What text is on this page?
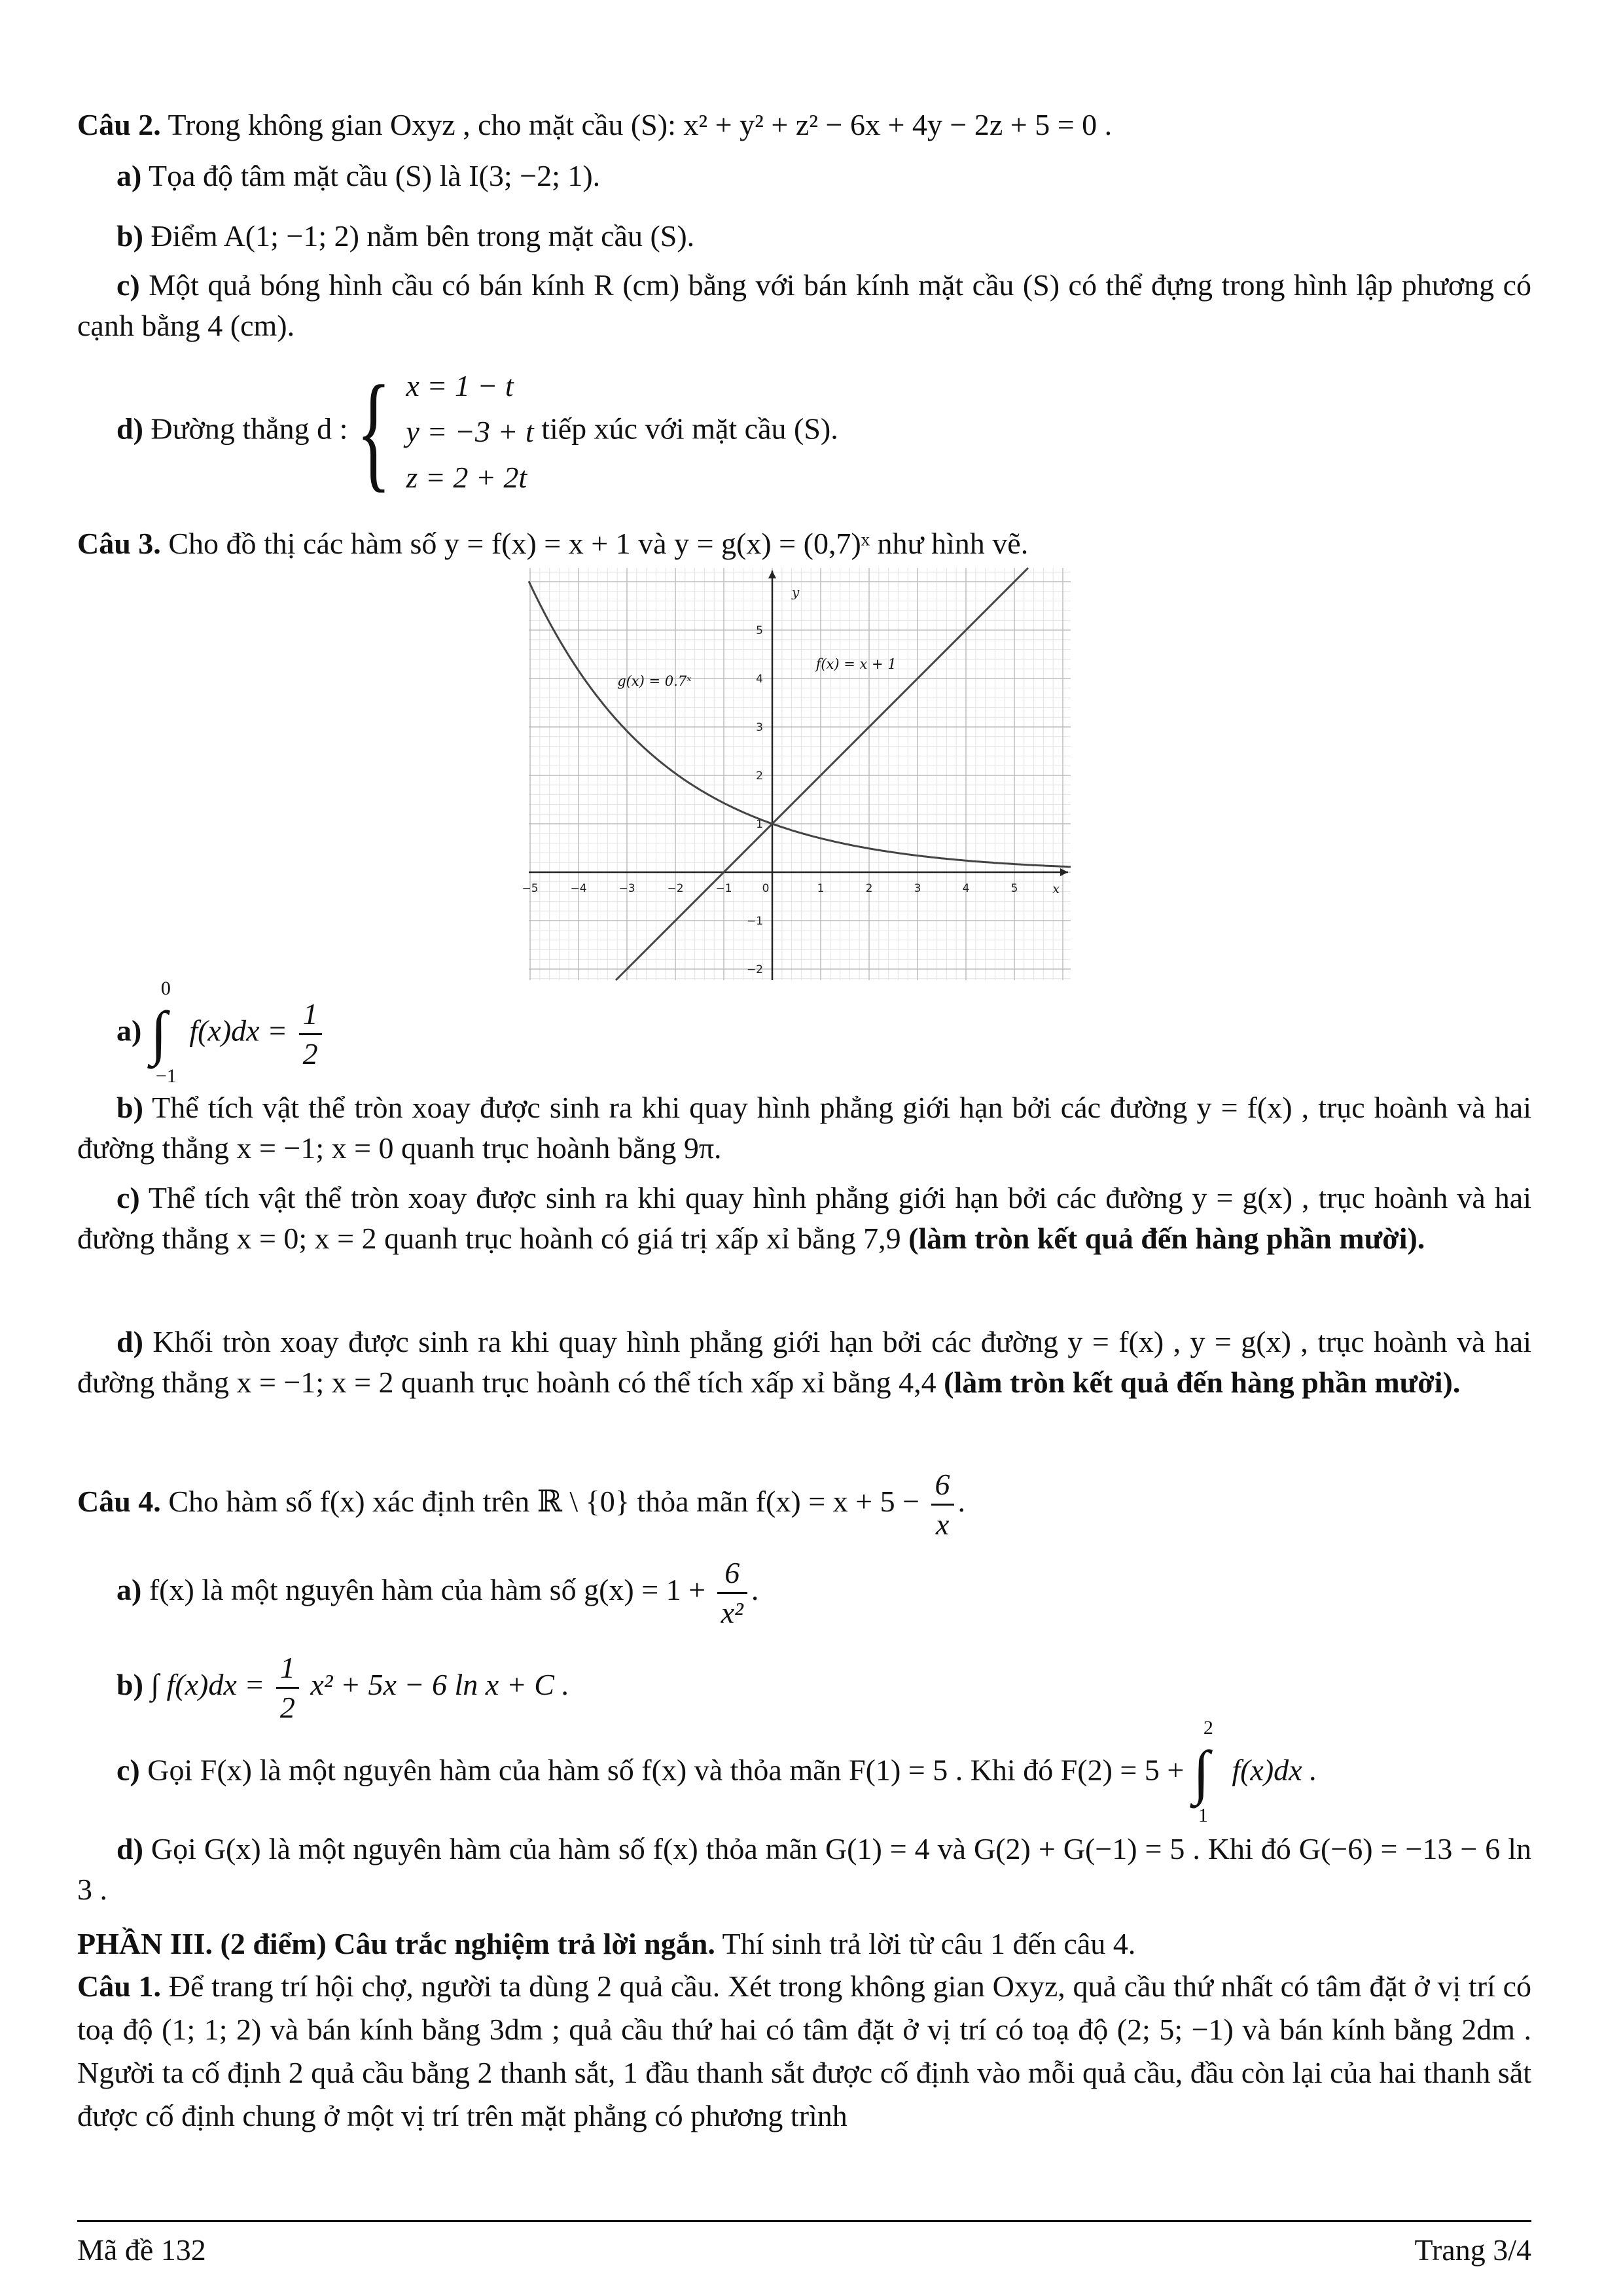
Câu 2. Trong không gian Oxyz , cho mặt cầu (S): x² + y² + z² − 6x + 4y − 2z + 5 = 0 .
a) Tọa độ tâm mặt cầu (S) là I(3; −2; 1).
b) Điểm A(1; −1; 2) nằm bên trong mặt cầu (S).
c) Một quả bóng hình cầu có bán kính R (cm) bằng với bán kính mặt cầu (S) có thể đựng trong hình lập phương có cạnh bằng 4 (cm).
d) Đường thẳng d : { x = 1 − t
y = −3 + t
z = 2 + 2t
tiếp xúc với mặt cầu (S).
Câu 3. Cho đồ thị các hàm số y = f(x) = x + 1 và y = g(x) = (0,7)ˣ như hình vẽ.
−5	−4	−3	−2	−1	0	1	2	3	4	5
5
4
3
2
1
−1
−2
x
y
f(x) = x + 1
g(x) = 0.7ˣ
a)
0
∫
−1
$f(x)dx = \frac{1}{2}$
b) Thể tích vật thể tròn xoay được sinh ra khi quay hình phẳng giới hạn bởi các đường y = f(x) , trục hoành và hai đường thẳng x = −1; x = 0 quanh trục hoành bằng 9π.
c) Thể tích vật thể tròn xoay được sinh ra khi quay hình phẳng giới hạn bởi các đường y = g(x) , trục hoành và hai đường thẳng x = 0; x = 2 quanh trục hoành có giá trị xấp xỉ bằng 7,9 (làm tròn kết quả đến hàng phần mười).
d) Khối tròn xoay được sinh ra khi quay hình phẳng giới hạn bởi các đường y = f(x) , y = g(x) , trục hoành và hai đường thẳng x = −1; x = 2 quanh trục hoành có thể tích xấp xỉ bằng 4,4 (làm tròn kết quả đến hàng phần mười).
Câu 4. Cho hàm số f(x) xác định trên ℝ \ {0} thỏa mãn $f(x) = x + 5 - \frac{6}{x}$ .
a) f(x) là một nguyên hàm của hàm số $g(x) = 1 + \frac{6}{\text{x²}}$ .
b) ∫ $f(x)dx = \frac{1}{2} x^2 + 5x - 6$ ln x + C .
c) Gọi F(x) là một nguyên hàm của hàm số f(x) và thỏa mãn F(1) = 5 . Khi đó F(2) = 5 +
2
∫
1
f(x)dx .
d) Gọi G(x) là một nguyên hàm của hàm số f(x) thỏa mãn G(1) = 4 và G(2) + G(−1) = 5 . Khi đó G(−6) = −13 − 6 ln 3 .
PHẦN III. (2 điểm) Câu trắc nghiệm trả lời ngắn. Thí sinh trả lời từ câu 1 đến câu 4.
Câu 1. Để trang trí hội chợ, người ta dùng 2 quả cầu. Xét trong không gian Oxyz, quả cầu thứ nhất có tâm đặt ở vị trí có toạ độ (1; 1; 2) và bán kính bằng 3dm ; quả cầu thứ hai có tâm đặt ở vị trí có toạ độ (2; 5; −1) và bán kính bằng 2dm . Người ta cố định 2 quả cầu bằng 2 thanh sắt, 1 đầu thanh sắt được cố định vào mỗi quả cầu, đầu còn lại của hai thanh sắt được cố định chung ở một vị trí trên mặt phẳng có phương trình
Mã đề 132	Trang 3/4
